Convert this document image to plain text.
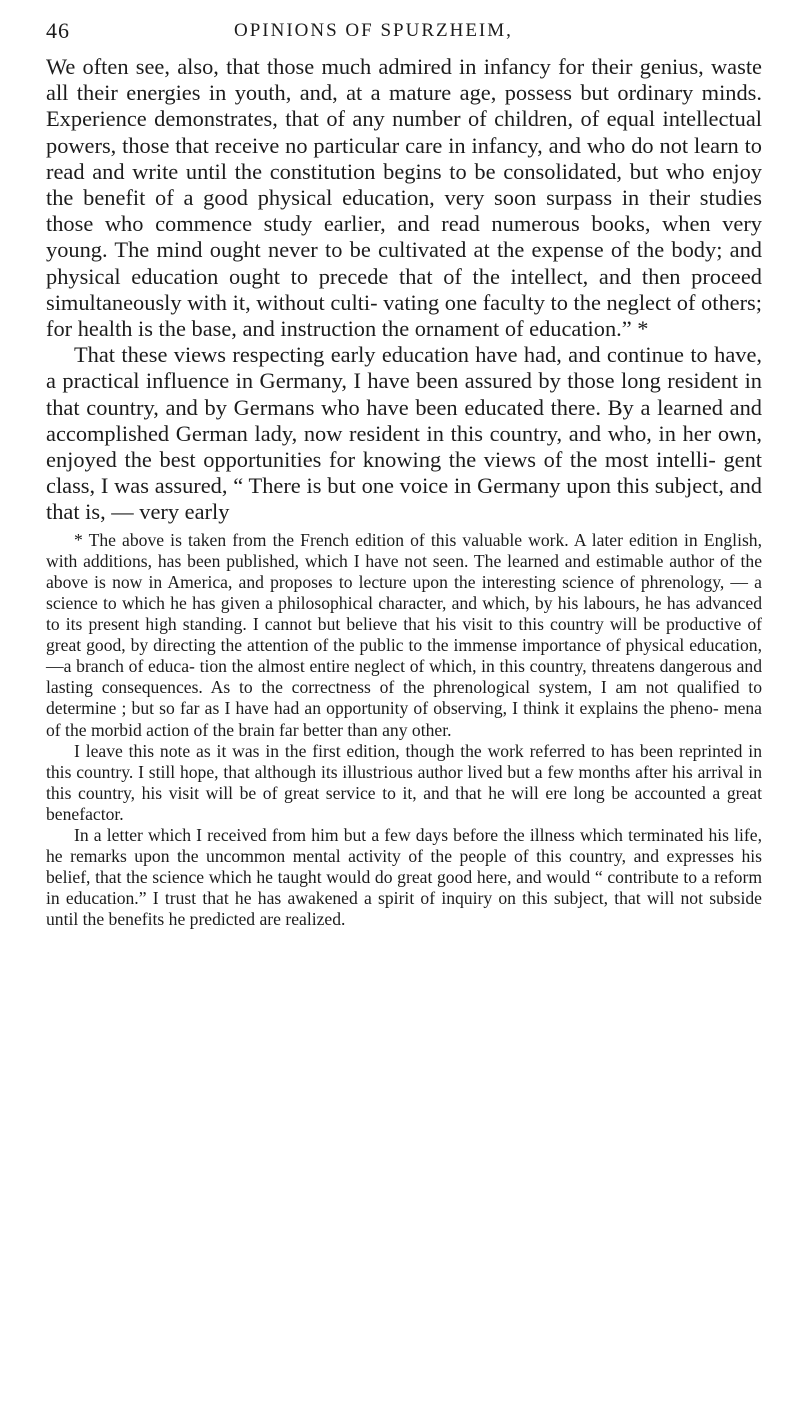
46	OPINIONS OF SPURZHEIM,

We often see, also, that those much admired in infancy for their genius, waste all their energies in youth, and, at a mature age, possess but ordinary minds. Experience demonstrates, that of any number of children, of equal intellectual powers, those that receive no particular care in infancy, and who do not learn to read and write until the constitution begins to be consolidated, but who enjoy the benefit of a good physical education, very soon surpass in their studies those who commence study earlier, and read numerous books, when very young. The mind ought never to be cultivated at the expense of the body; and physical education ought to precede that of the intellect, and then proceed simultaneously with it, without culti- vating one faculty to the neglect of others; for health is the base, and instruction the ornament of education.” *

That these views respecting early education have had, and continue to have, a practical influence in Germany, I have been assured by those long resident in that country, and by Germans who have been educated there. By a learned and accomplished German lady, now resident in this country, and who, in her own, enjoyed the best opportunities for knowing the views of the most intelli- gent class, I was assured, “ There is but one voice in Germany upon this subject, and that is, — very early

* The above is taken from the French edition of this valuable work. A later edition in English, with additions, has been published, which I have not seen. The learned and estimable author of the above is now in America, and proposes to lecture upon the interesting science of phrenology, — a science to which he has given a philosophical character, and which, by his labours, he has advanced to its present high standing. I cannot but believe that his visit to this country will be productive of great good, by directing the attention of the public to the immense importance of physical education,—a branch of educa- tion the almost entire neglect of which, in this country, threatens dangerous and lasting consequences. As to the correctness of the phrenological system, I am not qualified to determine ; but so far as I have had an opportunity of observing, I think it explains the pheno- mena of the morbid action of the brain far better than any other.

I leave this note as it was in the first edition, though the work referred to has been reprinted in this country. I still hope, that although its illustrious author lived but a few months after his arrival in this country, his visit will be of great service to it, and that he will ere long be accounted a great benefactor.

In a letter which I received from him but a few days before the illness which terminated his life, he remarks upon the uncommon mental activity of the people of this country, and expresses his belief, that the science which he taught would do great good here, and would “ contribute to a reform in education.” I trust that he has awakened a spirit of inquiry on this subject, that will not subside until the benefits he predicted are realized.
